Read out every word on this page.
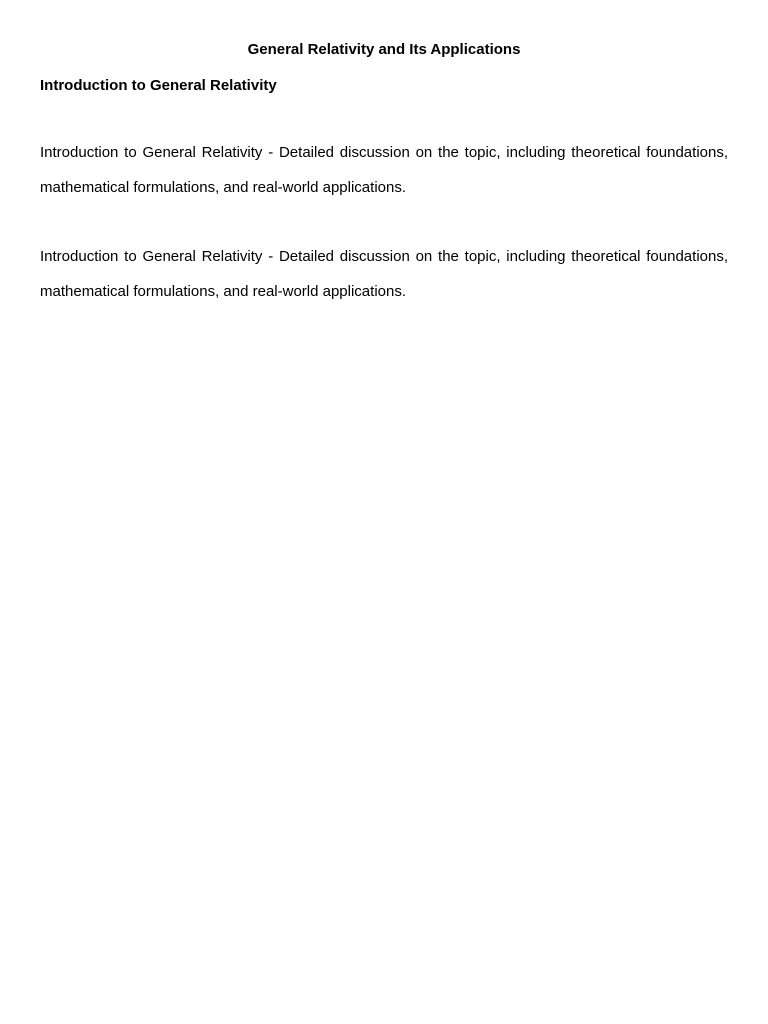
General Relativity and Its Applications
Introduction to General Relativity

Introduction to General Relativity - Detailed discussion on the topic, including theoretical foundations, mathematical formulations, and real-world applications.

Introduction to General Relativity - Detailed discussion on the topic, including theoretical foundations, mathematical formulations, and real-world applications.
